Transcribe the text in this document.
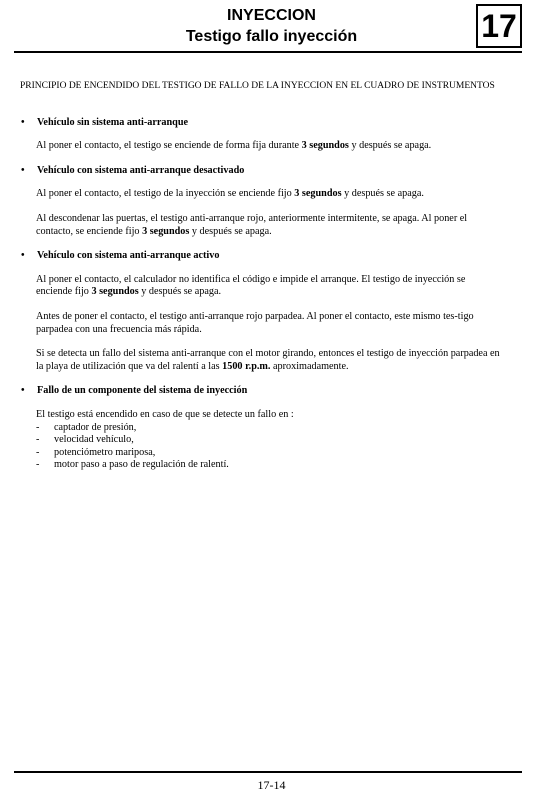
INYECCION
Testigo fallo inyección	17
PRINCIPIO DE ENCENDIDO DEL TESTIGO DE FALLO DE LA INYECCION EN EL CUADRO DE INSTRUMENTOS
•	Vehículo sin sistema anti-arranque
Al poner el contacto, el testigo se enciende de forma fija durante 3 segundos y después se apaga.
•	Vehículo con sistema anti-arranque desactivado
Al poner el contacto, el testigo de la inyección se enciende fijo 3 segundos y después se apaga.
Al descondenar las puertas, el testigo anti-arranque rojo, anteriormente intermitente, se apaga. Al poner el contacto, se enciende fijo 3 segundos y después se apaga.
•	Vehículo con sistema anti-arranque activo
Al poner el contacto, el calculador no identifica el código e impide el arranque. El testigo de inyección se enciende fijo 3 segundos y después se apaga.
Antes de poner el contacto, el testigo anti-arranque rojo parpadea. Al poner el contacto, este mismo tes-tigo parpadea con una frecuencia más rápida.
Si se detecta un fallo del sistema anti-arranque con el motor girando, entonces el testigo de inyección parpadea en la playa de utilización que va del ralentí a las 1500 r.p.m. aproximadamente.
•	Fallo de un componente del sistema de inyección
El testigo está encendido en caso de que se detecte un fallo en :
-	captador de presión,
-	velocidad vehículo,
-	potenciómetro mariposa,
-	motor paso a paso de regulación de ralentí.
17-14
